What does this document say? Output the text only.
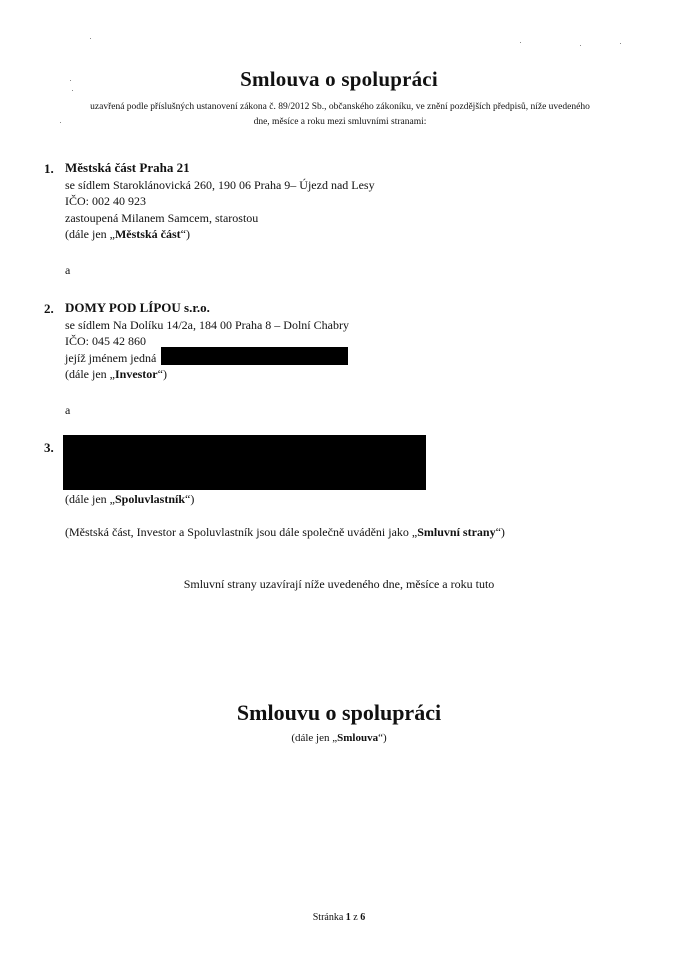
Smlouva o spolupráci
uzavřená podle příslušných ustanovení zákona č. 89/2012 Sb., občanského zákoníku, ve znění pozdějších předpisů, níže uvedeného
dne, měsíce a roku mezi smluvními stranami:
1. Městská část Praha 21
se sídlem Staroklánovická 260, 190 06 Praha 9– Újezd nad Lesy
IČO: 002 40 923
zastoupená Milanem Samcem, starostou
(dále jen „Městská část“)
a
2. DOMY POD LÍPOU s.r.o.
se sídlem Na Dolíku 14/2a, 184 00 Praha 8 – Dolní Chabry
IČO: 045 42 860
jejíž jménem jedná
(dále jen „Investor“)
a
3.
(dále jen „Spoluvlastník“)
(Městská část, Investor a Spoluvlastník jsou dále společně uváděni jako „Smluvní strany“)
Smluvní strany uzavírají níže uvedeného dne, měsíce a roku tuto
Smlouvu o spolupráci
(dále jen „Smlouva“)
Stránka 1 z 6
